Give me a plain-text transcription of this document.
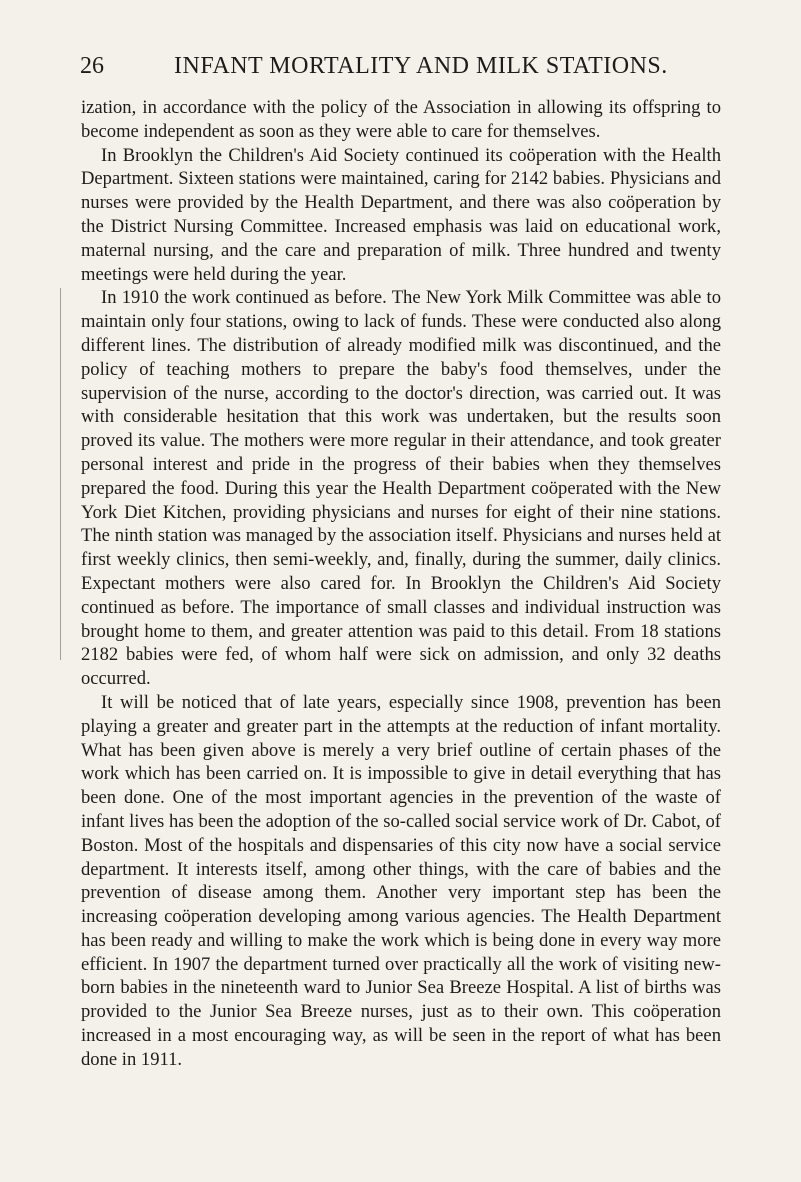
26	INFANT MORTALITY AND MILK STATIONS.

ization, in accordance with the policy of the Association in allowing its offspring to become independent as soon as they were able to care for themselves.

In Brooklyn the Children's Aid Society continued its coöperation with the Health Department. Sixteen stations were maintained, caring for 2142 babies. Physicians and nurses were provided by the Health Department, and there was also coöperation by the District Nursing Committee. Increased emphasis was laid on educational work, maternal nursing, and the care and preparation of milk. Three hundred and twenty meetings were held during the year.

In 1910 the work continued as before. The New York Milk Committee was able to maintain only four stations, owing to lack of funds. These were conducted also along different lines. The distribution of already modified milk was discontinued, and the policy of teaching mothers to prepare the baby's food themselves, under the supervision of the nurse, according to the doctor's direction, was carried out. It was with considerable hesitation that this work was undertaken, but the results soon proved its value. The mothers were more regular in their attendance, and took greater personal interest and pride in the progress of their babies when they themselves prepared the food. During this year the Health Department coöperated with the New York Diet Kitchen, providing physicians and nurses for eight of their nine stations. The ninth station was managed by the association itself. Physicians and nurses held at first weekly clinics, then semi-weekly, and, finally, during the summer, daily clinics. Expectant mothers were also cared for. In Brooklyn the Children's Aid Society continued as before. The importance of small classes and individual instruction was brought home to them, and greater attention was paid to this detail. From 18 stations 2182 babies were fed, of whom half were sick on admission, and only 32 deaths occurred.

It will be noticed that of late years, especially since 1908, prevention has been playing a greater and greater part in the attempts at the reduction of infant mortality. What has been given above is merely a very brief outline of certain phases of the work which has been carried on. It is impossible to give in detail everything that has been done. One of the most important agencies in the prevention of the waste of infant lives has been the adoption of the so-called social service work of Dr. Cabot, of Boston. Most of the hospitals and dispensaries of this city now have a social service department. It interests itself, among other things, with the care of babies and the prevention of disease among them. Another very important step has been the increasing coöperation developing among various agencies. The Health Department has been ready and willing to make the work which is being done in every way more efficient. In 1907 the department turned over practically all the work of visiting new-born babies in the nineteenth ward to Junior Sea Breeze Hospital. A list of births was provided to the Junior Sea Breeze nurses, just as to their own. This coöperation increased in a most encouraging way, as will be seen in the report of what has been done in 1911.
